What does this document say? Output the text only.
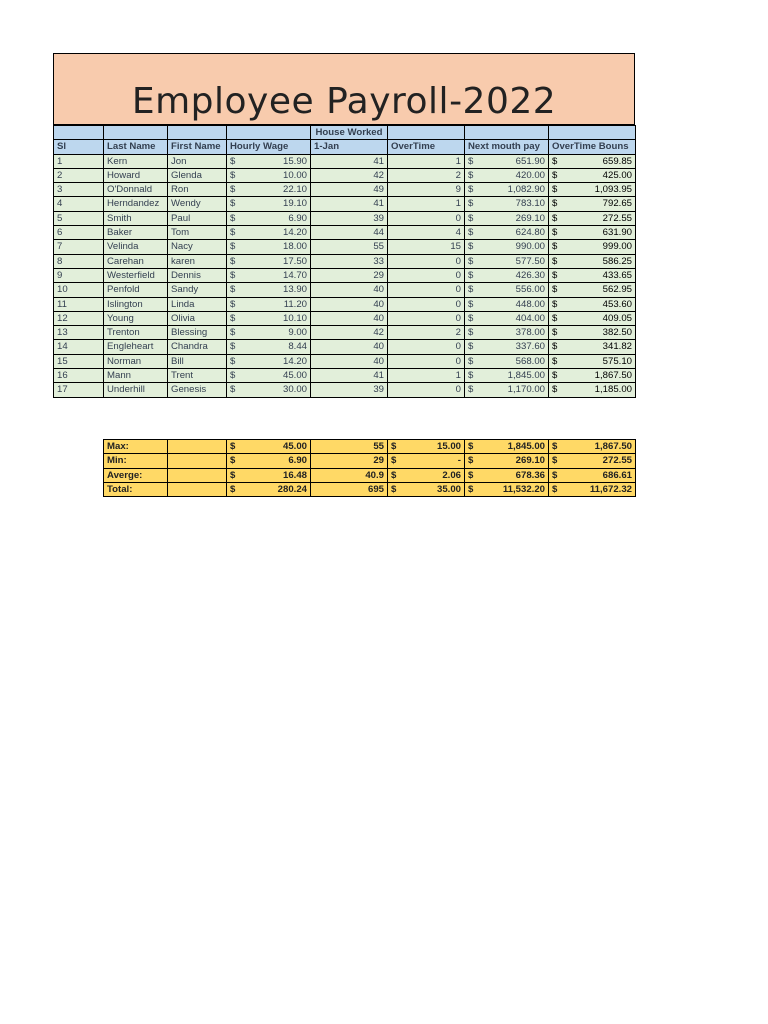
Employee Payroll-2022
				House Worked			
Sl	Last Name	First Name	Hourly Wage	1-Jan	OverTime	Next mouth pay	OverTime Bouns
1	Kern	Jon	$ 15.90	41	1	$ 651.90	$ 659.85

2	Howard	Glenda	$ 10.00	42	2	$ 420.00	$ 425.00

3	O'Donnald	Ron	$ 22.10	49	9	$ 1,082.90	$ 1,093.95

4	Herndandez	Wendy	$ 19.10	41	1	$ 783.10	$ 792.65

5	Smith	Paul	$ 6.90	39	0	$ 269.10	$ 272.55

6	Baker	Tom	$ 14.20	44	4	$ 624.80	$ 631.90

7	Velinda	Nacy	$ 18.00	55	15	$ 990.00	$ 999.00

8	Carehan	karen	$ 17.50	33	0	$ 577.50	$ 586.25

9	Westerfield	Dennis	$ 14.70	29	0	$ 426.30	$ 433.65

10	Penfold	Sandy	$ 13.90	40	0	$ 556.00	$ 562.95

11	Islington	Linda	$ 11.20	40	0	$ 448.00	$ 453.60

12	Young	Olivia	$ 10.10	40	0	$ 404.00	$ 409.05

13	Trenton	Blessing	$ 9.00	42	2	$ 378.00	$ 382.50

14	Engleheart	Chandra	$ 8.44	40	0	$ 337.60	$ 341.82

15	Norman	Bill	$ 14.20	40	0	$ 568.00	$ 575.10

16	Mann	Trent	$ 45.00	41	1	$ 1,845.00	$ 1,867.50

17	Underhill	Genesis	$ 30.00	39	0	$ 1,170.00	$ 1,185.00
Max:		$ 45.00	55	$ 15.00	$ 1,845.00	$ 1,867.50

Min:		$ 6.90	29	$ -	$ 269.10	$ 272.55

Averge:		$ 16.48	40.9	$ 2.06	$ 678.36	$ 686.61

Total:		$ 280.24	695	$ 35.00	$ 11,532.20	$ 11,672.32
